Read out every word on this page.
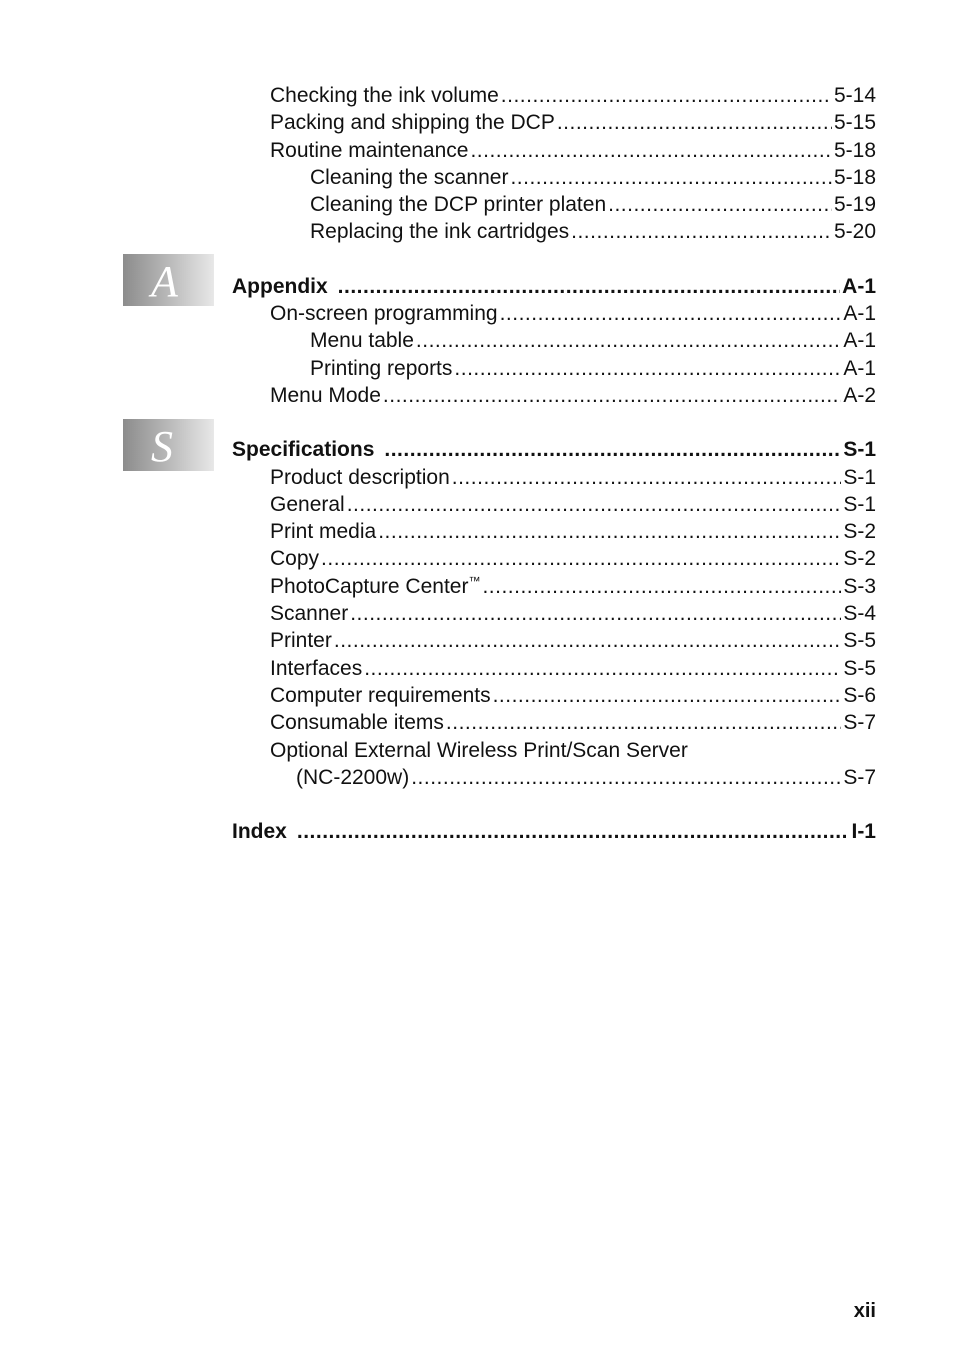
A
S
Checking the ink volume .....	5-14
Packing and shipping the DCP .....	5-15
Routine maintenance .....	5-18
Cleaning the scanner .....	5-18
Cleaning the DCP printer platen .....	5-19
Replacing the ink cartridges .....	5-20
Appendix .....	A-1
On-screen programming .....	A-1
Menu table .....	A-1
Printing reports .....	A-1
Menu Mode .....	A-2
Specifications .....	S-1
Product description .....	S-1
General .....	S-1
Print media .....	S-2
Copy .....	S-2
PhotoCapture Center™ .....	S-3
Scanner .....	S-4
Printer .....	S-5
Interfaces .....	S-5
Computer requirements .....	S-6
Consumable items .....	S-7
Optional External Wireless Print/Scan Server
(NC-2200w) .....	S-7
Index .....	I-1
xii
